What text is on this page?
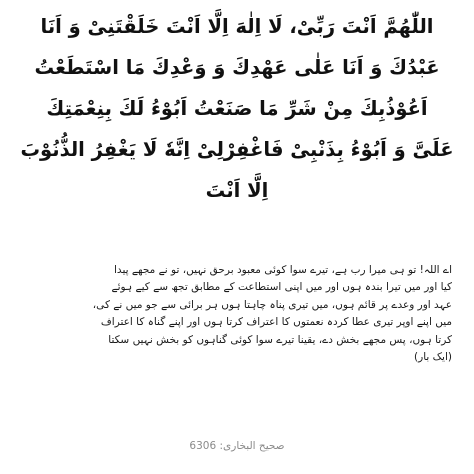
اللّٰهُمَّ اَنْتَ رَبِّیْ، لَا اِلٰهَ اِلَّا اَنْتَ خَلَقْتَنِیْ وَ اَنَا
عَبْدُكَ وَ اَنَا عَلٰی عَهْدِكَ وَ وَعْدِكَ مَا اسْتَطَعْتُ
اَعُوْذُبِكَ مِنْ شَرِّ مَا صَنَعْتُ اَبُوْءُ لَكَ بِنِعْمَتِكَ
عَلَیَّ وَ اَبُوْءُ بِذَنْبِیْ فَاغْفِرْلِیْ اِنَّهٗ لَا یَغْفِرُ الذُّنُوْبَ
اِلَّا اَنْتَ
اے اللہ! تو ہی میرا رب ہے، تیرے سوا کوئی معبود برحق نہیں، تو نے مجھے پیدا
کیا اور میں تیرا بندہ ہوں اور میں اپنی استطاعت کے مطابق تجھ سے کیے ہوئے
عہد اور وعدے پر قائم ہوں، میں تیری پناہ چاہتا ہوں ہر برائی سے جو میں نے کی،
میں اپنے اوپر تیری عطا کردہ نعمتوں کا اعتراف کرتا ہوں اور اپنے گناہ کا اعتراف
کرتا ہوں، پس مجھے بخش دے، یقینا تیرے سوا کوئی گناہوں کو بخش نہیں سکتا
(ایک بار)
صحیح البخاری: 6306
